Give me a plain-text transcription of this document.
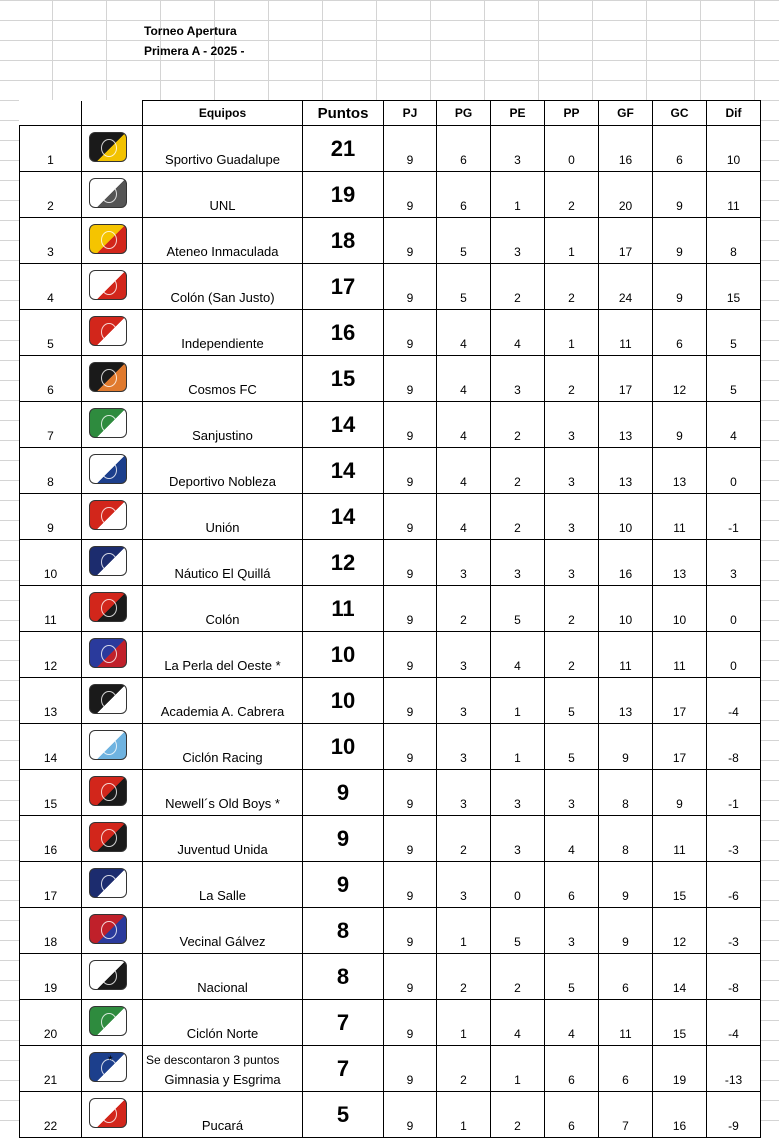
Torneo Apertura
Primera A - 2025 -
		Equipos	Puntos	PJ	PG	PE	PP	GF	GC	Dif
1		Sportivo Guadalupe	21	9	6	3	0	16	6	10
2		UNL	19	9	6	1	2	20	9	11
3		Ateneo Inmaculada	18	9	5	3	1	17	9	8
4		Colón (San Justo)	17	9	5	2	2	24	9	15
5		Independiente	16	9	4	4	1	11	6	5
6		Cosmos FC	15	9	4	3	2	17	12	5
7		Sanjustino	14	9	4	2	3	13	9	4
8		Deportivo Nobleza	14	9	4	2	3	13	13	0
9		Unión	14	9	4	2	3	10	11	-1
10		Náutico El Quillá	12	9	3	3	3	16	13	3
11		Colón	11	9	2	5	2	10	10	0
12		La Perla del Oeste *	10	9	3	4	2	11	11	0
13		Academia A. Cabrera	10	9	3	1	5	13	17	-4
14		Ciclón Racing	10	9	3	1	5	9	17	-8
15		Newell´s Old Boys *	9	9	3	3	3	8	9	-1
16		Juventud Unida	9	9	2	3	4	8	11	-3
17		La Salle	9	9	3	0	6	9	15	-6
18		Vecinal Gálvez	8	9	1	5	3	9	12	-3
19		Nacional	8	9	2	2	5	6	14	-8
20		Ciclón Norte	7	9	1	4	4	11	15	-4
21		Gimnasia y Esgrima	7	9	2	1	6	6	19	-13
22		Pucará	5	9	1	2	6	7	16	-9
*	Se descontaron 3 puntos
